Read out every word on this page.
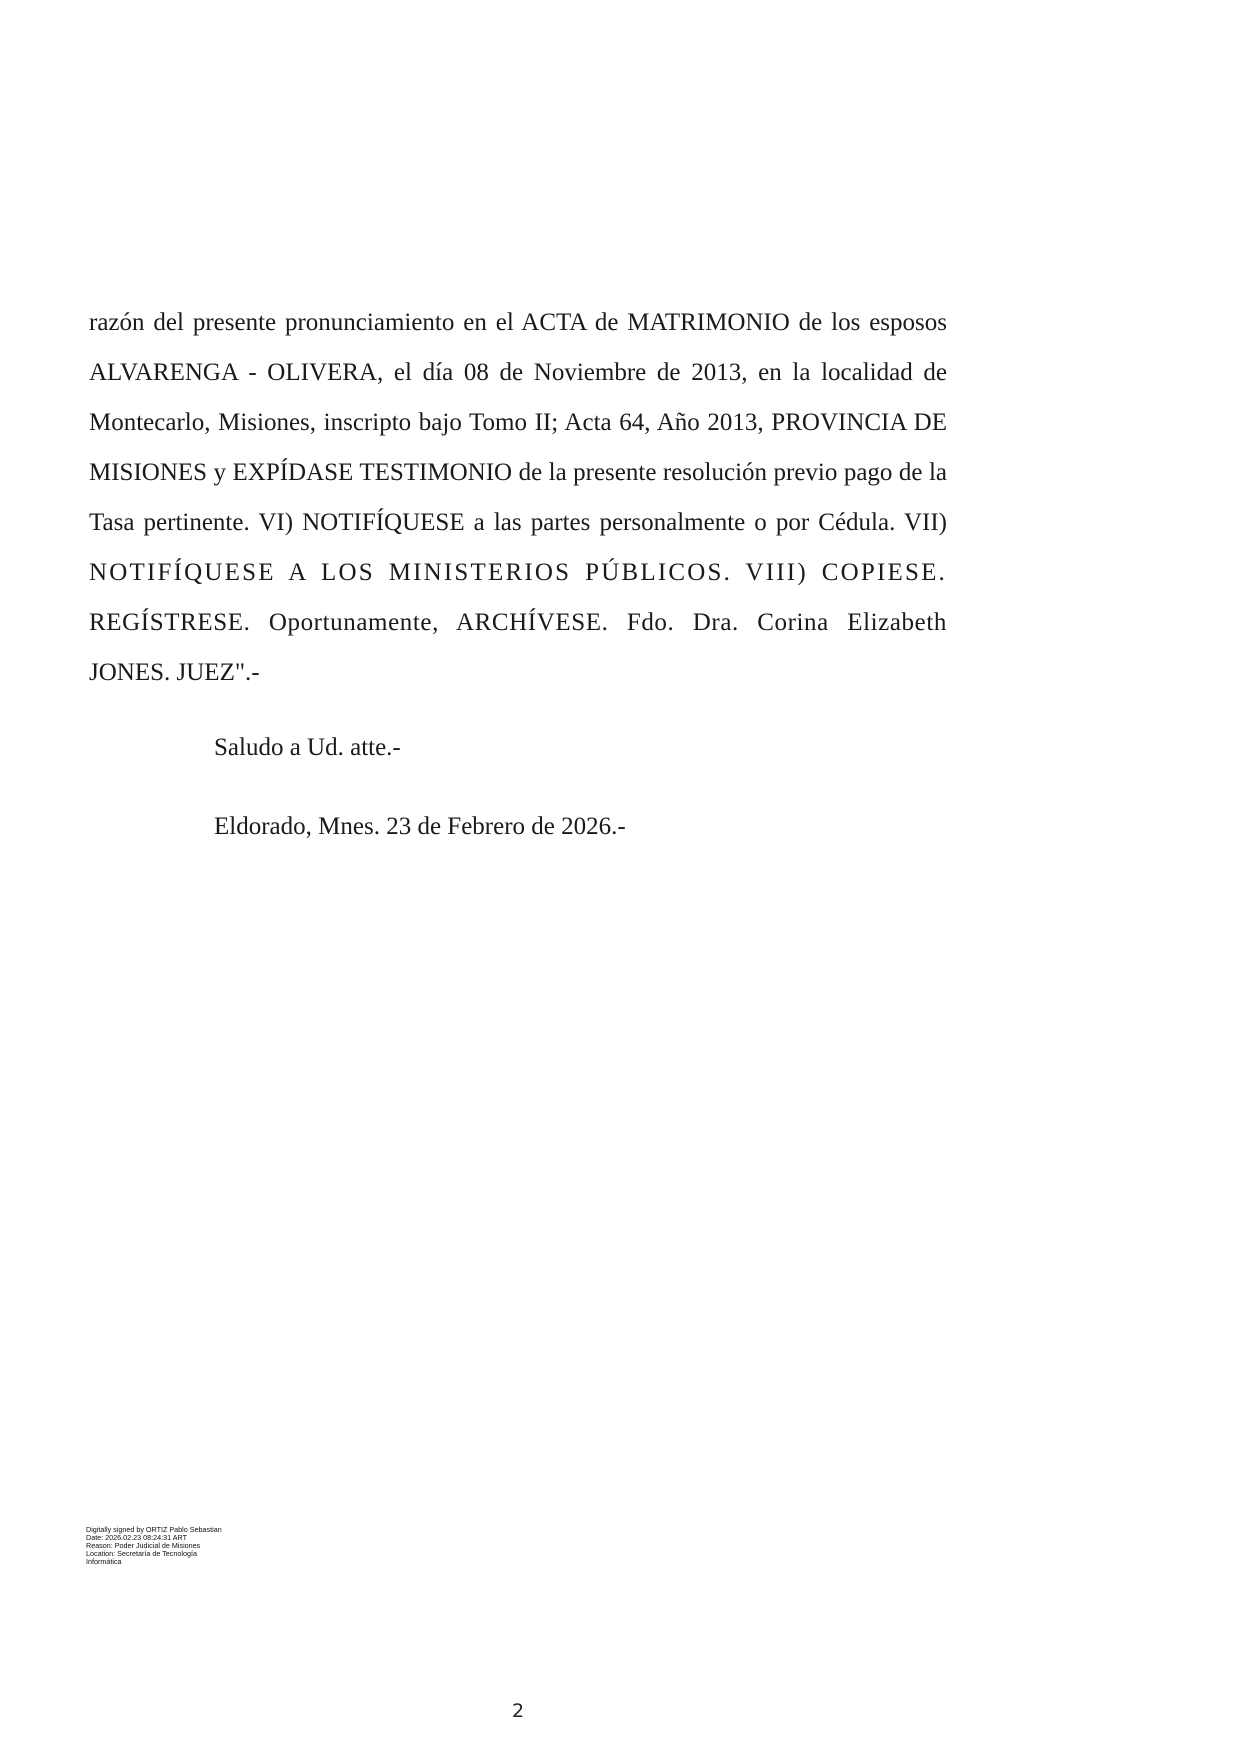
razón del presente pronunciamiento en el ACTA de MATRIMONIO de los esposos
ALVARENGA - OLIVERA, el día 08 de Noviembre de 2013, en la localidad de
Montecarlo, Misiones, inscripto bajo Tomo II; Acta 64, Año 2013, PROVINCIA DE
MISIONES y EXPÍDASE TESTIMONIO de la presente resolución previo pago de la
Tasa pertinente. VI) NOTIFÍQUESE a las partes personalmente o por Cédula. VII)
NOTIFÍQUESE A LOS MINISTERIOS PÚBLICOS. VIII) COPIESE.
REGÍSTRESE. Oportunamente, ARCHÍVESE. Fdo. Dra. Corina Elizabeth
JONES. JUEZ".-
Saludo a Ud. atte.-
Eldorado, Mnes. 23 de Febrero de 2026.-
Digitally signed by ORTIZ Pablo Sebastian
Date: 2026.02.23 08:24:31 ART
Reason: Poder Judicial de Misiones
Location: Secretaría de Tecnología
Informática
2
